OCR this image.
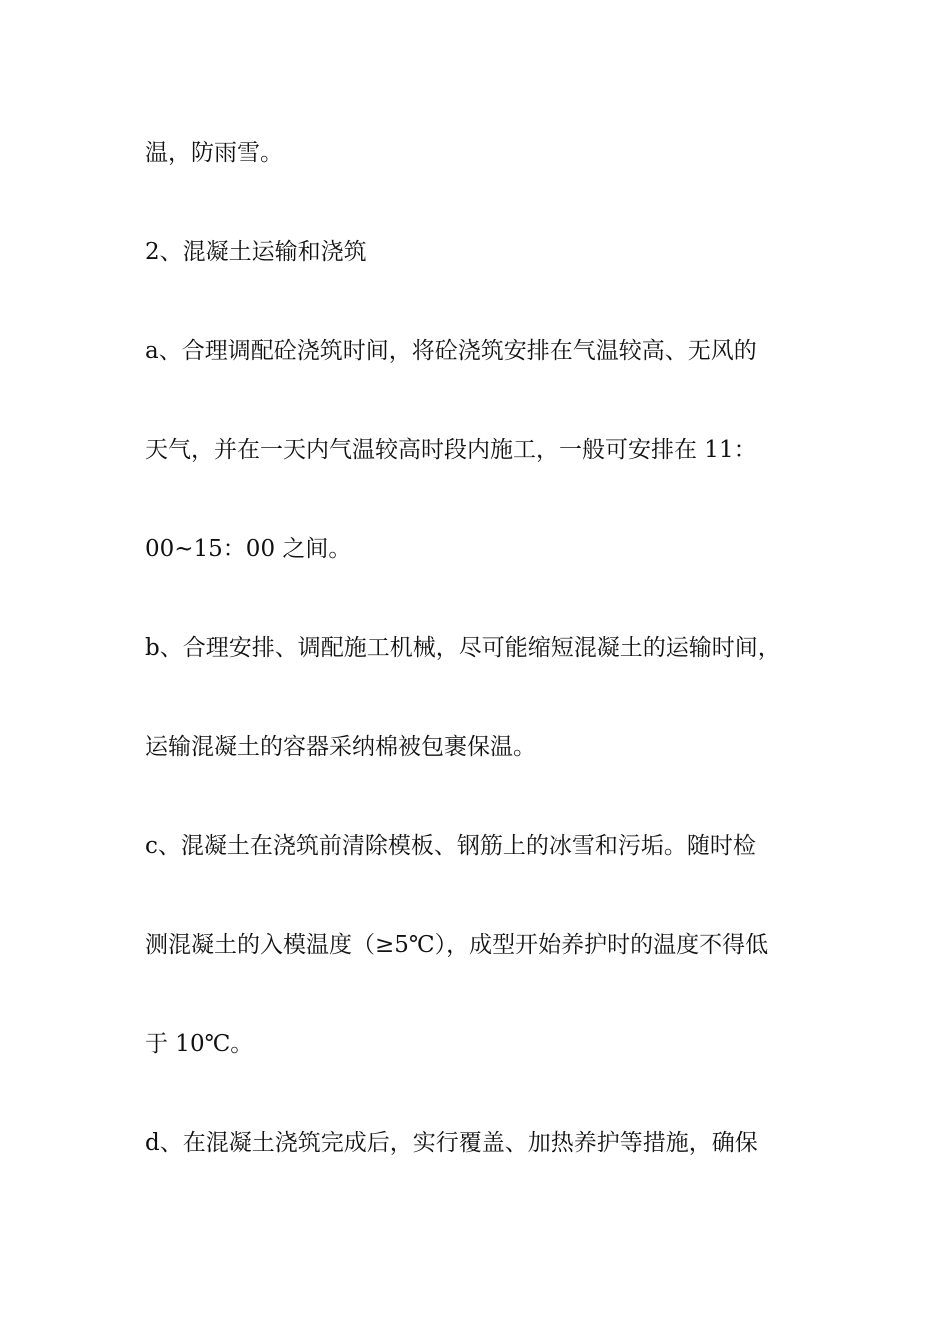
温，防雨雪。
2、混凝土运输和浇筑
a、合理调配砼浇筑时间，将砼浇筑安排在气温较高、无风的
天气，并在一天内气温较高时段内施工，一般可安排在 11：
00~15：00 之间。
b、合理安排、调配施工机械，尽可能缩短混凝土的运输时间，
运输混凝土的容器采纳棉被包裹保温。
c、混凝土在浇筑前清除模板、钢筋上的冰雪和污垢。随时检
测混凝土的入模温度（≥5℃），成型开始养护时的温度不得低
于 10℃。
d、在混凝土浇筑完成后，实行覆盖、加热养护等措施，确保
